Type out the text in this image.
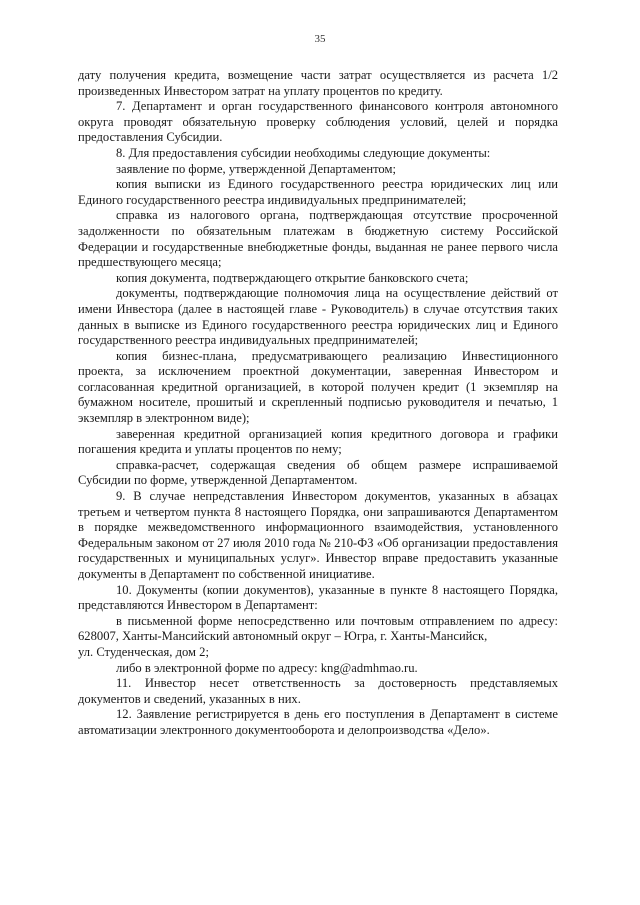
35

дату получения кредита, возмещение части затрат осуществляется из расчета 1/2 произведенных Инвестором затрат на уплату процентов по кредиту.

7. Департамент и орган государственного финансового контроля автономного округа проводят обязательную проверку соблюдения условий, целей и порядка предоставления Субсидии.

8. Для предоставления субсидии необходимы следующие документы:

заявление по форме, утвержденной Департаментом;

копия выписки из Единого государственного реестра юридических лиц или Единого государственного реестра индивидуальных предпринимателей;

справка из налогового органа, подтверждающая отсутствие просроченной задолженности по обязательным платежам в бюджетную систему Российской Федерации и государственные внебюджетные фонды, выданная не ранее первого числа предшествующего месяца;

копия документа, подтверждающего открытие банковского счета;

документы, подтверждающие полномочия лица на осуществление действий от имени Инвестора (далее в настоящей главе - Руководитель) в случае отсутствия таких данных в выписке из Единого государственного реестра юридических лиц и Единого государственного реестра индивидуальных предпринимателей;

копия бизнес-плана, предусматривающего реализацию Инвестиционного проекта, за исключением проектной документации, заверенная Инвестором и согласованная кредитной организацией, в которой получен кредит (1 экземпляр на бумажном носителе, прошитый и скрепленный подписью руководителя и печатью, 1 экземпляр в электронном виде);

заверенная кредитной организацией копия кредитного договора и графики погашения кредита и уплаты процентов по нему;

справка-расчет, содержащая сведения об общем размере испрашиваемой Субсидии по форме, утвержденной Департаментом.

9. В случае непредставления Инвестором документов, указанных в абзацах третьем и четвертом пункта 8 настоящего Порядка, они запрашиваются Департаментом в порядке межведомственного информационного взаимодействия, установленного Федеральным законом от 27 июля 2010 года № 210-ФЗ «Об организации предоставления государственных и муниципальных услуг». Инвестор вправе предоставить указанные документы в Департамент по собственной инициативе.

10. Документы (копии документов), указанные в пункте 8 настоящего Порядка, представляются Инвестором в Департамент:

в письменной форме непосредственно или почтовым отправлением по адресу: 628007, Ханты-Мансийский автономный округ – Югра, г. Ханты-Мансийск,

ул. Студенческая, дом 2;

либо в электронной форме по адресу: kng@admhmao.ru.

11. Инвестор несет ответственность за достоверность представляемых документов и сведений, указанных в них.

12. Заявление регистрируется в день его поступления в Департамент в системе автоматизации электронного документооборота и делопроизводства «Дело».
